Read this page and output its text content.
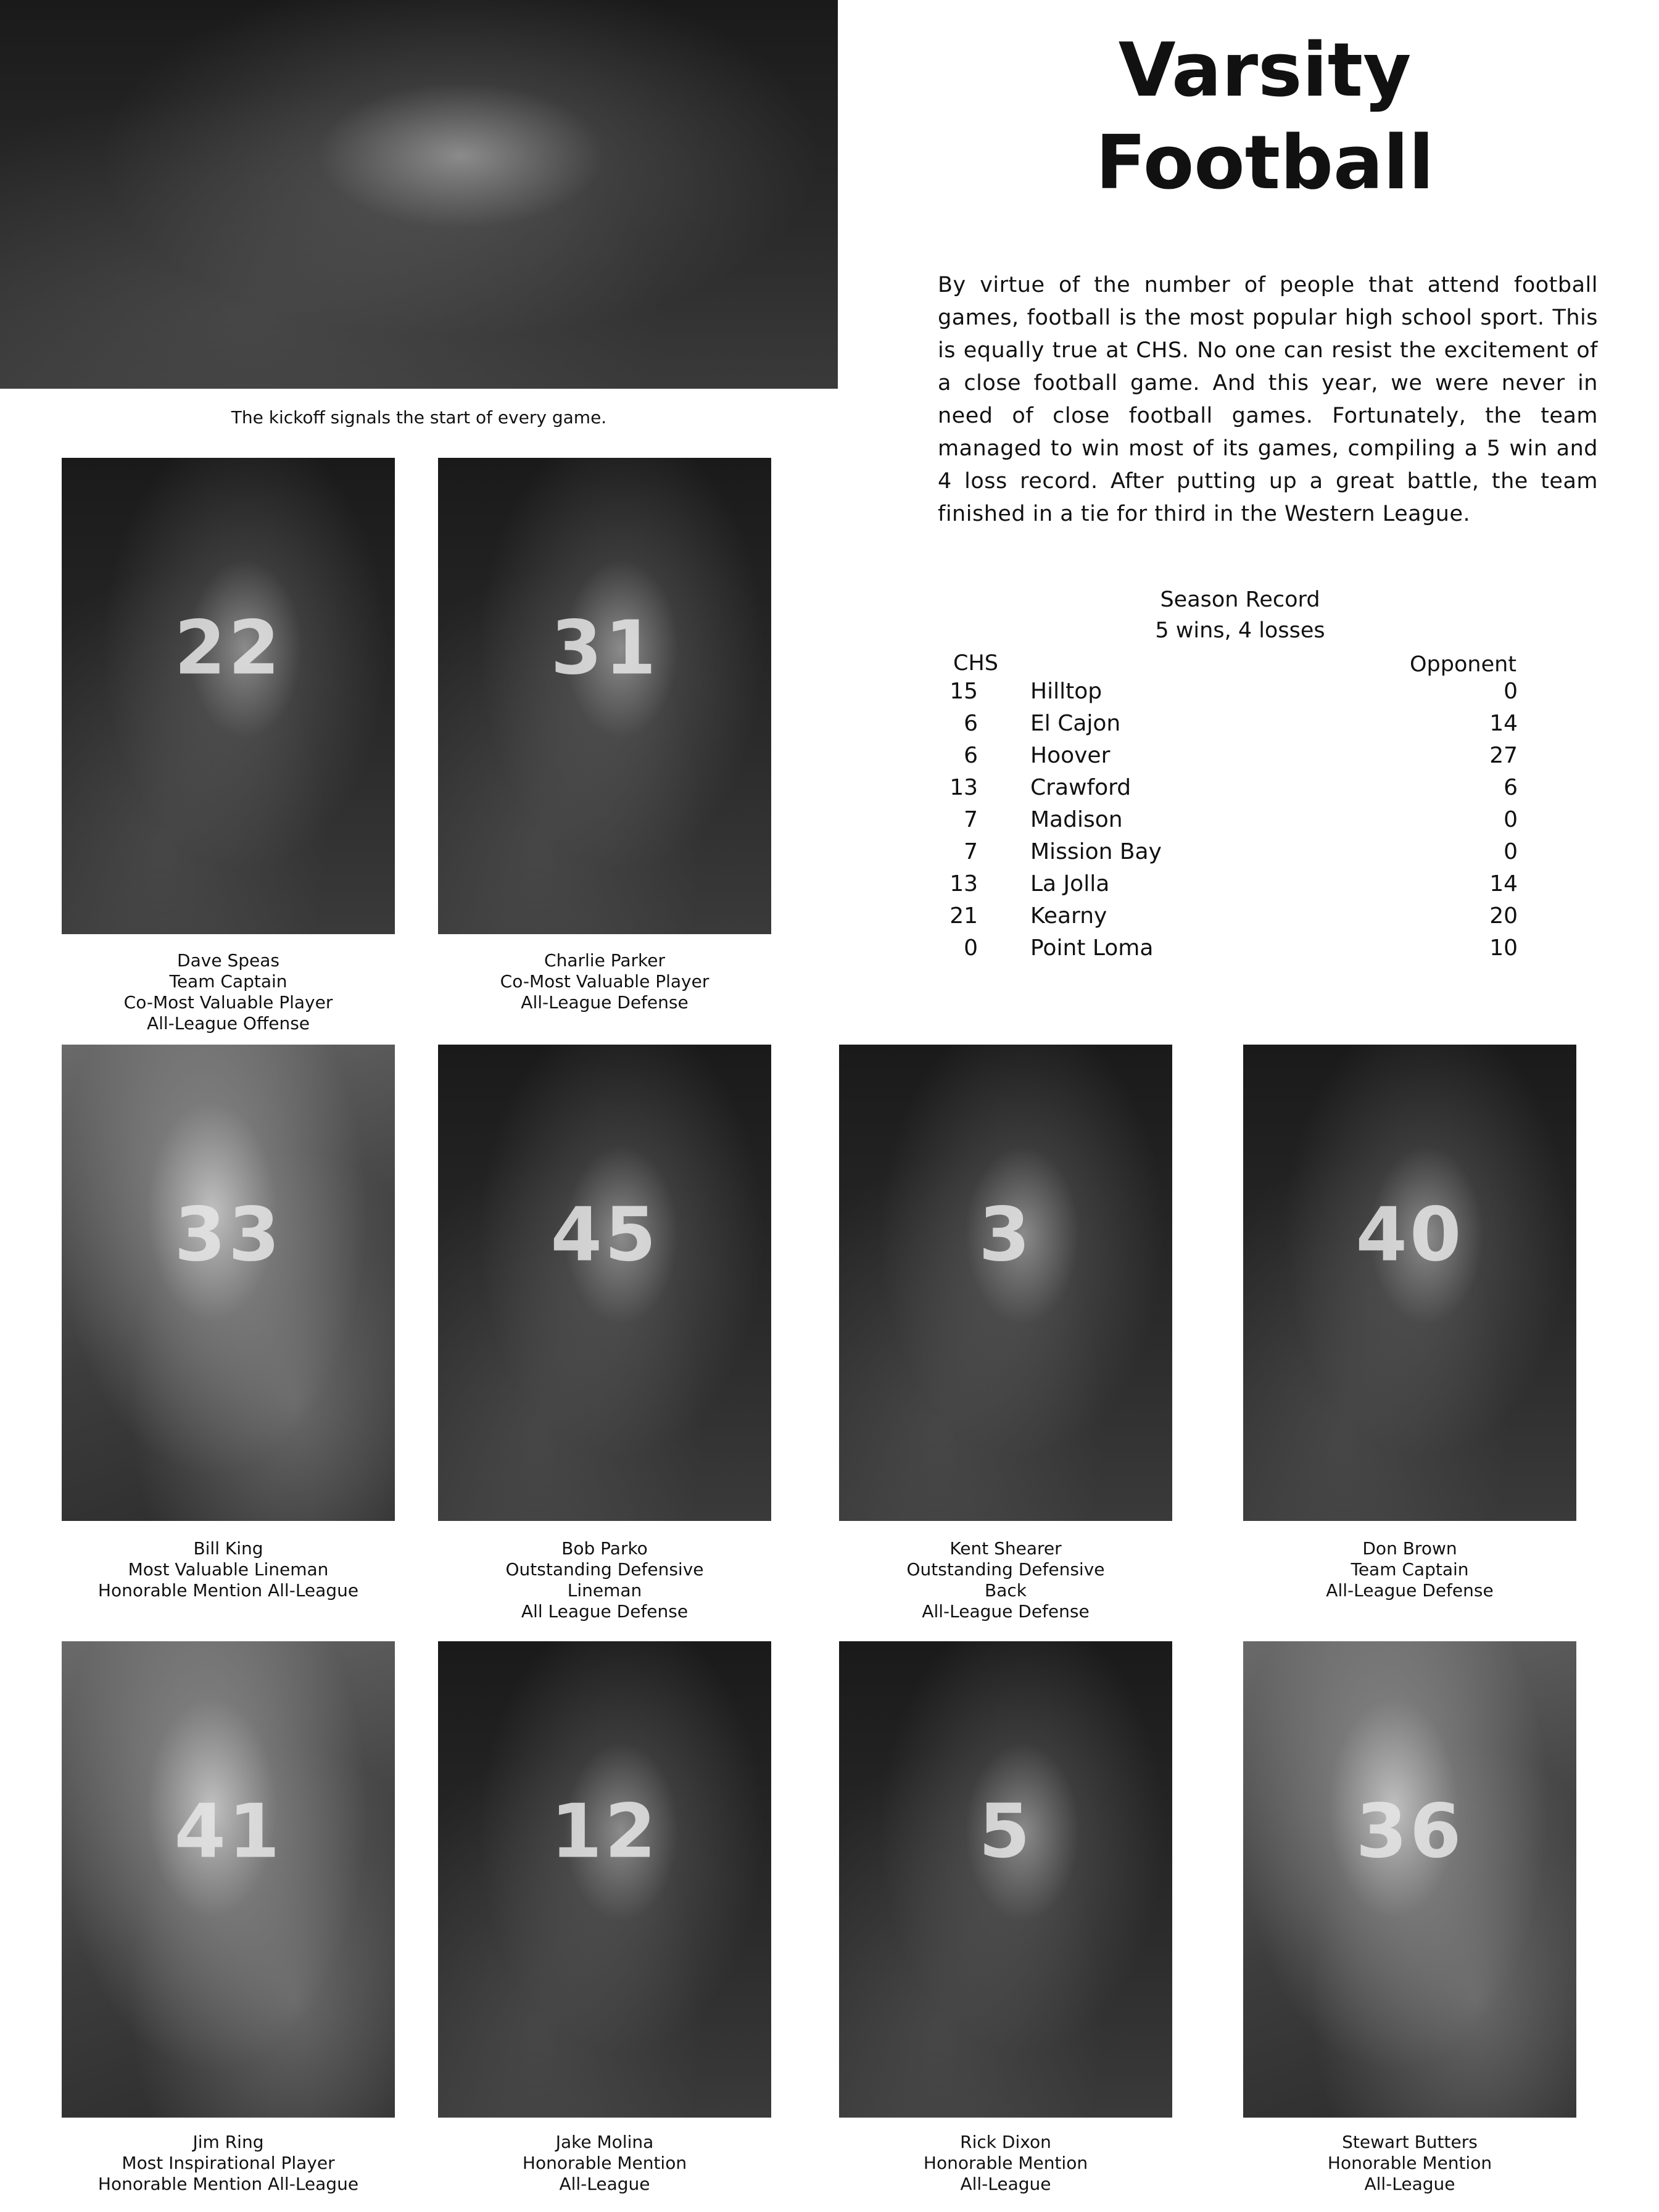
Varsity
Football
By virtue of the number of people that attend football games, football is the most popular high school sport. This is equally true at CHS. No one can resist the excitement of a close football game. And this year, we were never in need of close football games. Fortunately, the team managed to win most of its games, compiling a 5 win and 4 loss record. After putting up a great battle, the team finished in a tie for third in the Western League.
The kickoff signals the start of every game.
Season Record
5 wins, 4 losses
CHS	Opponent
15 Hilltop	0
6 El Cajon	14
6 Hoover	27
13 Crawford	6
7 Madison	0
7 Mission Bay	0
13 La Jolla	14
21 Kearny	20
0 Point Loma	10
22
Dave Speas
Team Captain
Co-Most Valuable Player
All-League Offense
31
Charlie Parker
Co-Most Valuable Player
All-League Defense
33
Bill King
Most Valuable Lineman
Honorable Mention All-League
45
Bob Parko
Outstanding Defensive
Lineman
All League Defense
3
Kent Shearer
Outstanding Defensive
Back
All-League Defense
40
Don Brown
Team Captain
All-League Defense
41
Jim Ring
Most Inspirational Player
Honorable Mention All-League
12
Jake Molina
Honorable Mention
All-League
5
Rick Dixon
Honorable Mention
All-League
36
Stewart Butters
Honorable Mention
All-League
